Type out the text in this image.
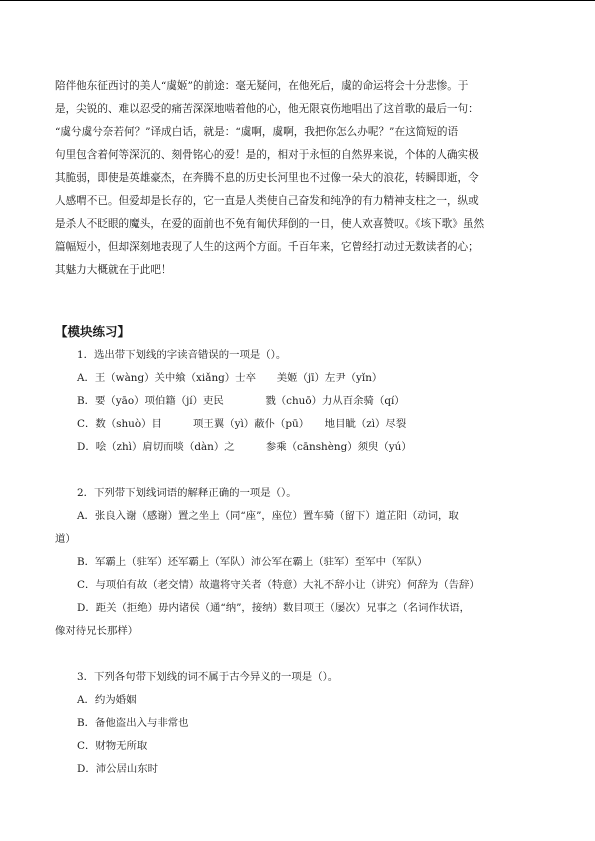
陪伴他东征西讨的美人“虞姬”的前途：毫无疑问，在他死后，虞的命运将会十分悲惨。于
是，尖锐的、难以忍受的痛苦深深地啮着他的心，他无限哀伤地唱出了这首歌的最后一句：
“虞兮虞兮奈若何？”译成白话，就是：“虞啊，虞啊，我把你怎么办呢？”在这简短的语
句里包含着何等深沉的、刻骨铭心的爱！是的，相对于永恒的自然界来说，个体的人确实极
其脆弱，即使是英雄豪杰，在奔腾不息的历史长河里也不过像一朵大的浪花，转瞬即逝，令
人感喟不已。但爱却是长存的，它一直是人类使自己奋发和纯净的有力精神支柱之一，纵或
是杀人不眨眼的魔头，在爱的面前也不免有匍伏拜倒的一日，使人欢喜赞叹。《垓下歌》虽然
篇幅短小，但却深刻地表现了人生的这两个方面。千百年来，它曾经打动过无数读者的心；
其魅力大概就在于此吧！
【模块练习】
1．选出带下划线的字读音错误的一项是（）。
A．王（wàng）关中飨（xiǎng）士卒　　美姬（jī）左尹（yǐn）
B．要（yāo）项伯籍（jí）吏民　　　　戮（chuō）力从百余骑（qí）
C．数（shuò）目　　　项王翼（yì）蔽仆（pū）　　地目眦（zì）尽裂
D．哙（zhì）肩切而啖（dàn）之　　　参乘（cānshèng）须臾（yú）
2．下列带下划线词语的解释正确的一项是（）。
A．张良入谢（感谢）置之坐上（同“座”，座位）置车骑（留下）道芷阳（动词，取
道）
B．军霸上（驻军）还军霸上（军队）沛公军在霸上（驻军）至军中（军队）
C．与项伯有故（老交情）故遣将守关者（特意）大礼不辞小让（讲究）何辞为（告辞）
D．距关（拒绝）毋内诸侯（通“纳”，接纳）数目项王（屡次）兄事之（名词作状语，
像对待兄长那样）
3．下列各句带下划线的词不属于古今异义的一项是（）。
A．约为婚姻
B．备他盗出入与非常也
C．财物无所取
D．沛公居山东时
